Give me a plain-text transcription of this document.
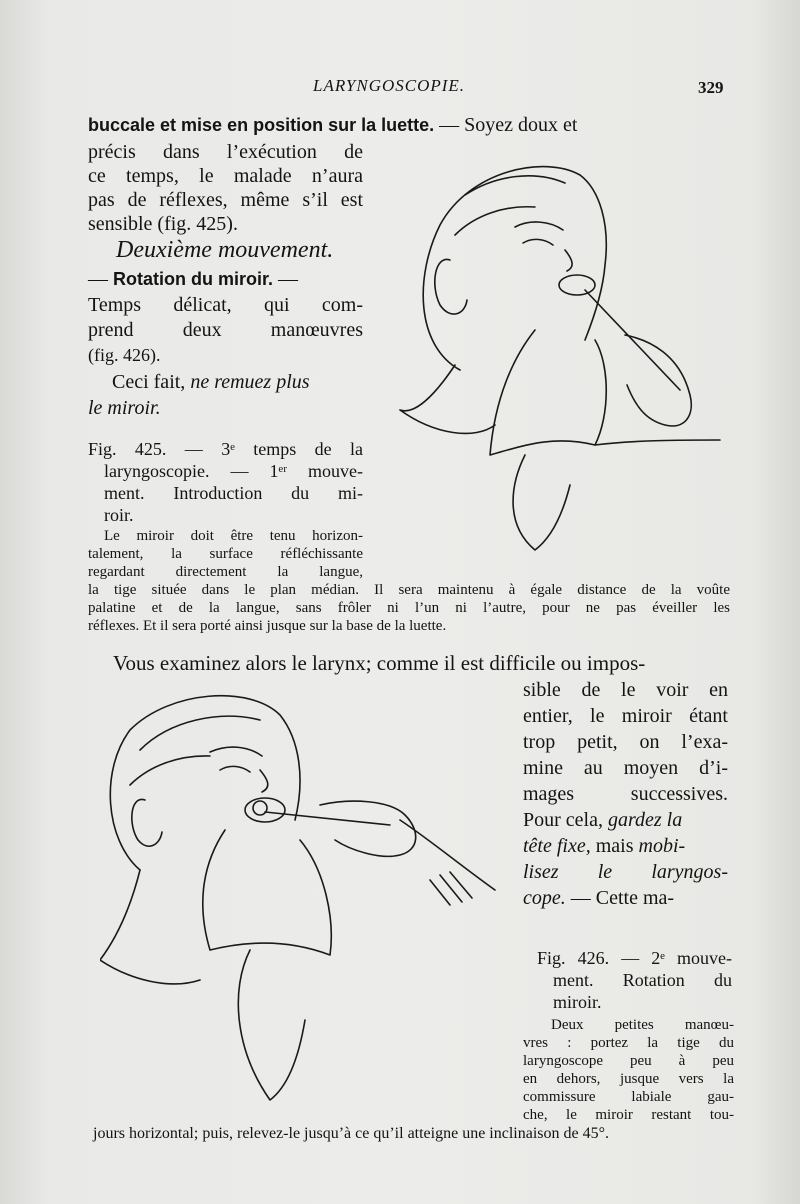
LARYNGOSCOPIE.	329
buccale et mise en position sur la luette. — Soyez doux et
précis dans l’exécution de
ce temps, le malade n’aura
pas de réflexes, même s’il est
sensible (fig. 425).
Deuxième mouvement.
— Rotation du miroir. —
Temps délicat, qui com-
prend deux manœuvres
(fig. 426).
Ceci fait, ne remuez plus
le miroir.
Fig. 425. — 3ᵉ temps de la
laryngoscopie. — 1ᵉʳ mouve-
ment. Introduction du mi-
roir.
Le miroir doit être tenu horizon-
talement, la surface réfléchissante
regardant directement la langue,
la tige située dans le plan médian. Il sera maintenu à égale distance de la voûte
palatine et de la langue, sans frôler ni l’un ni l’autre, pour ne pas éveiller les
réflexes. Et il sera porté ainsi jusque sur la base de la luette.
Vous examinez alors le larynx; comme il est difficile ou impos-
sible de le voir en
entier, le miroir étant
trop petit, on l’exa-
mine au moyen d’i-
mages successives.
Pour cela, gardez la
tête fixe, mais mobi-
lisez le laryngos-
cope. — Cette ma-
Fig. 426. — 2ᵉ mouve-
ment. Rotation du
miroir.
Deux petites manœu-
vres : portez la tige du
laryngoscope peu à peu
en dehors, jusque vers la
commissure labiale gau-
che, le miroir restant tou-
jours horizontal; puis, relevez-le jusqu’à ce qu’il atteigne une inclinaison de 45°.
